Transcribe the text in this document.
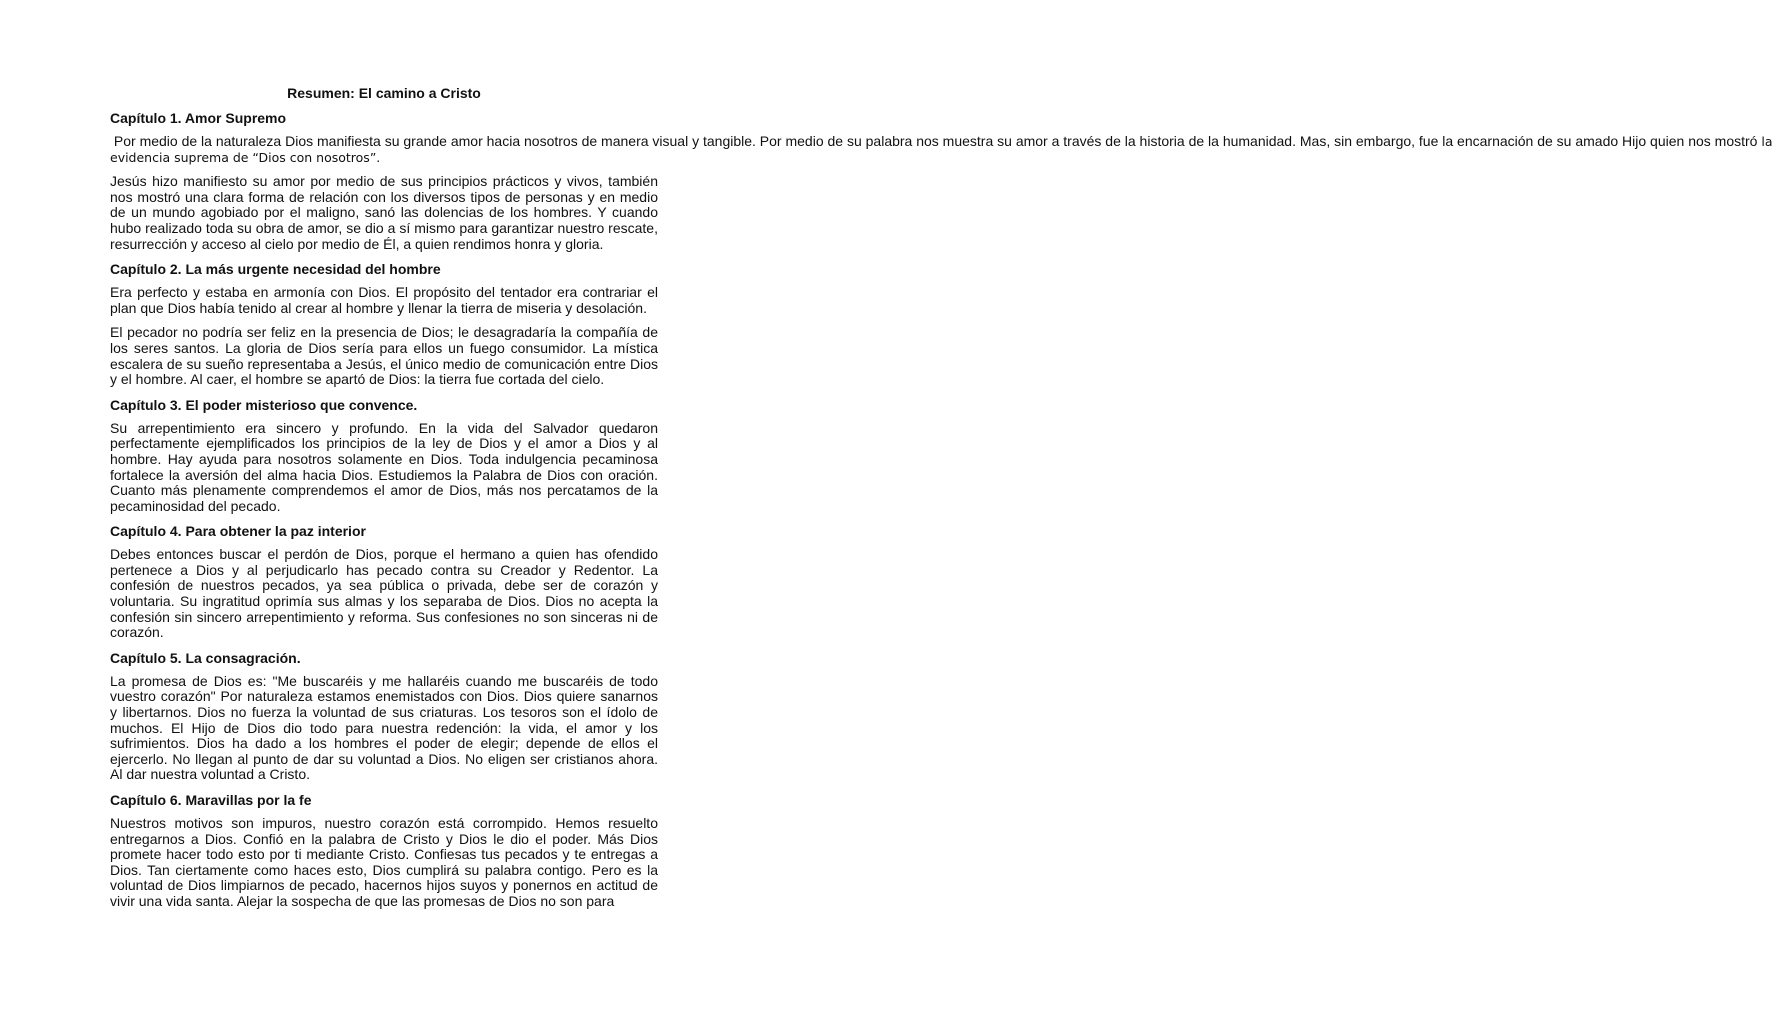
Resumen: El camino a Cristo
Capítulo 1. Amor Supremo

Por medio de la naturaleza Dios manifiesta su grande amor hacia nosotros de manera visual y tangible. Por medio de su palabra nos muestra su amor a través de la historia de la humanidad. Mas, sin embargo, fue la encarnación de su amado Hijo quien nos mostró la evidencia suprema de “Dios con nosotros”.

Jesús hizo manifiesto su amor por medio de sus principios prácticos y vivos, también nos mostró una clara forma de relación con los diversos tipos de personas y en medio de un mundo agobiado por el maligno, sanó las dolencias de los hombres. Y cuando hubo realizado toda su obra de amor, se dio a sí mismo para garantizar nuestro rescate, resurrección y acceso al cielo por medio de Él, a quien rendimos honra y gloria.

Capítulo 2. La más urgente necesidad del hombre

Era perfecto y estaba en armonía con Dios. El propósito del tentador era contrariar el plan que Dios había tenido al crear al hombre y llenar la tierra de miseria y desolación.

El pecador no podría ser feliz en la presencia de Dios; le desagradaría la compañía de los seres santos. La gloria de Dios sería para ellos un fuego consumidor. La mística escalera de su sueño representaba a Jesús, el único medio de comunicación entre Dios y el hombre. Al caer, el hombre se apartó de Dios: la tierra fue cortada del cielo.

Capítulo 3. El poder misterioso que convence.

Su arrepentimiento era sincero y profundo. En la vida del Salvador quedaron perfectamente ejemplificados los principios de la ley de Dios y el amor a Dios y al hombre. Hay ayuda para nosotros solamente en Dios. Toda indulgencia pecaminosa fortalece la aversión del alma hacia Dios. Estudiemos la Palabra de Dios con oración. Cuanto más plenamente comprendemos el amor de Dios, más nos percatamos de la pecaminosidad del pecado.

Capítulo 4. Para obtener la paz interior

Debes entonces buscar el perdón de Dios, porque el hermano a quien has ofendido pertenece a Dios y al perjudicarlo has pecado contra su Creador y Redentor. La confesión de nuestros pecados, ya sea pública o privada, debe ser de corazón y voluntaria. Su ingratitud oprimía sus almas y los separaba de Dios. Dios no acepta la confesión sin sincero arrepentimiento y reforma. Sus confesiones no son sinceras ni de corazón.

Capítulo 5. La consagración.

La promesa de Dios es: "Me buscaréis y me hallaréis cuando me buscaréis de todo vuestro corazón" Por naturaleza estamos enemistados con Dios. Dios quiere sanarnos y libertarnos. Dios no fuerza la voluntad de sus criaturas. Los tesoros son el ídolo de muchos. El Hijo de Dios dio todo para nuestra redención: la vida, el amor y los sufrimientos. Dios ha dado a los hombres el poder de elegir; depende de ellos el ejercerlo. No llegan al punto de dar su voluntad a Dios. No eligen ser cristianos ahora. Al dar nuestra voluntad a Cristo.

Capítulo 6. Maravillas por la fe

Nuestros motivos son impuros, nuestro corazón está corrompido. Hemos resuelto entregarnos a Dios. Confió en la palabra de Cristo y Dios le dio el poder. Más Dios promete hacer todo esto por ti mediante Cristo. Confiesas tus pecados y te entregas a Dios. Tan ciertamente como haces esto, Dios cumplirá su palabra contigo. Pero es la voluntad de Dios limpiarnos de pecado, hacernos hijos suyos y ponernos en actitud de vivir una vida santa. Alejar la sospecha de que las promesas de Dios no son para
